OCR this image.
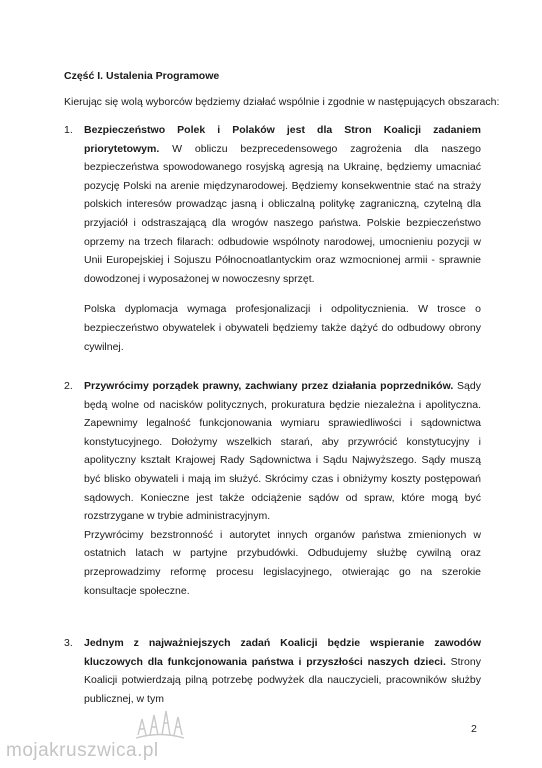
Część I. Ustalenia Programowe
Kierując się wolą wyborców będziemy działać wspólnie i zgodnie w następujących obszarach:
1. Bezpieczeństwo Polek i Polaków jest dla Stron Koalicji zadaniem priorytetowym. W obliczu bezprecedensowego zagrożenia dla naszego bezpieczeństwa spowodowanego rosyjską agresją na Ukrainę, będziemy umacniać pozycję Polski na arenie międzynarodowej. Będziemy konsekwentnie stać na straży polskich interesów prowadząc jasną i obliczalną politykę zagraniczną, czytelną dla przyjaciół i odstraszającą dla wrogów naszego państwa. Polskie bezpieczeństwo oprzemy na trzech filarach: odbudowie wspólnoty narodowej, umocnieniu pozycji w Unii Europejskiej i Sojuszu Północnoatlantyckim oraz wzmocnionej armii - sprawnie dowodzonej i wyposażonej w nowoczesny sprzęt.

Polska dyplomacja wymaga profesjonalizacji i odpolitycznienia. W trosce o bezpieczeństwo obywatelek i obywateli będziemy także dążyć do odbudowy obrony cywilnej.

2. Przywrócimy porządek prawny, zachwiany przez działania poprzedników. Sądy będą wolne od nacisków politycznych, prokuratura będzie niezależna i apolityczna. Zapewnimy legalność funkcjonowania wymiaru sprawiedliwości i sądownictwa konstytucyjnego. Dołożymy wszelkich starań, aby przywrócić konstytucyjny i apolityczny kształt Krajowej Rady Sądownictwa i Sądu Najwyższego. Sądy muszą być blisko obywateli i mają im służyć. Skrócimy czas i obniżymy koszty postępowań sądowych. Konieczne jest także odciążenie sądów od spraw, które mogą być rozstrzygane w trybie administracyjnym.

Przywrócimy bezstronność i autorytet innych organów państwa zmienionych w ostatnich latach w partyjne przybudówki. Odbudujemy służbę cywilną oraz przeprowadzimy reformę procesu legislacyjnego, otwierając go na szerokie konsultacje społeczne.

3. Jednym z najważniejszych zadań Koalicji będzie wspieranie zawodów kluczowych dla funkcjonowania państwa i przyszłości naszych dzieci. Strony Koalicji potwierdzają pilną potrzebę podwyżek dla nauczycieli, pracowników służby publicznej, w tym

2
mojakruszwica.pl
